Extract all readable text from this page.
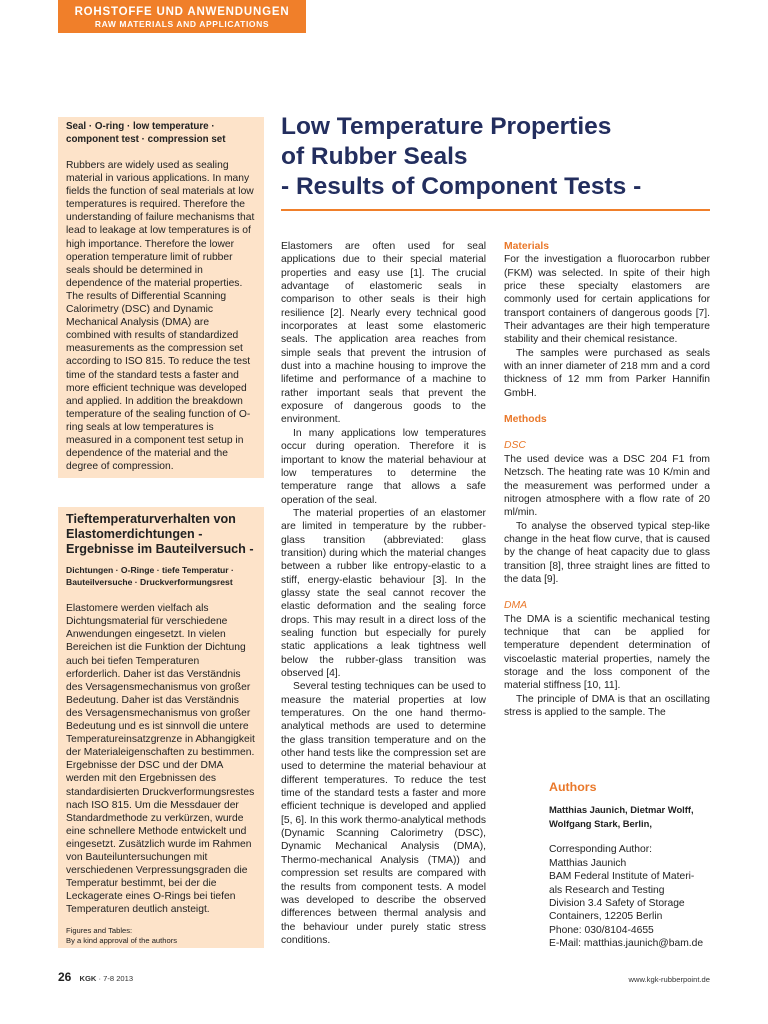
ROHSTOFFE UND ANWENDUNGEN
RAW MATERIALS AND APPLICATIONS
Seal · O-ring · low temperature · component test · compression set
Rubbers are widely used as sealing material in various applications. In many fields the function of seal materials at low temperatures is required. Therefore the understanding of failure mechanisms that lead to leakage at low temperatures is of high importance. Therefore the lower operation temperature limit of rubber seals should be determined in dependence of the material properties. The results of Differential Scanning Calorimetry (DSC) and Dynamic Mechanical Analysis (DMA) are combined with results of standardized measurements as the compression set according to ISO 815. To reduce the test time of the standard tests a faster and more efficient technique was developed and applied. In addition the breakdown temperature of the sealing function of O-ring seals at low temperatures is measured in a component test setup in dependence of the material and the degree of compression.
Tieftemperaturverhalten von Elastomerdichtungen - Ergebnisse im Bauteilversuch -
Dichtungen · O-Ringe · tiefe Temperatur · Bauteilversuche · Druckverformungsrest
Elastomere werden vielfach als Dichtungsmaterial für verschiedene Anwendungen eingesetzt. In vielen Bereichen ist die Funktion der Dichtung auch bei tiefen Temperaturen erforderlich. Daher ist das Verständnis des Versagensmechanismus von großer Bedeutung. Daher ist das Verständnis des Versagensmechanismus von großer Bedeutung und es ist sinnvoll die untere Temperatureinsatzgrenze in Abhangigkeit der Materialeigenschaften zu bestimmen. Ergebnisse der DSC und der DMA werden mit den Ergebnissen des standardisierten Druckverformungsrestes nach ISO 815. Um die Messdauer der Standardmethode zu verkürzen, wurde eine schnellere Methode entwickelt und eingesetzt. Zusätzlich wurde im Rahmen von Bauteiluntersuchungen mit verschiedenen Verpressungsgraden die Temperatur bestimmt, bei der die Leckagerate eines O-Rings bei tiefen Temperaturen deutlich ansteigt.
Figures and Tables:
By a kind approval of the authors
Low Temperature Properties
of Rubber Seals
- Results of Component Tests -

Elastomers are often used for seal applications due to their special material properties and easy use [1]. The crucial advantage of elastomeric seals in comparison to other seals is their high resilience [2]. Nearly every technical good incorporates at least some elastomeric seals. The application area reaches from simple seals that prevent the intrusion of dust into a machine housing to improve the lifetime and performance of a machine to rather important seals that prevent the exposure of dangerous goods to the environment.

In many applications low temperatures occur during operation. Therefore it is important to know the material behaviour at low temperatures to determine the temperature range that allows a safe operation of the seal.

The material properties of an elastomer are limited in temperature by the rubber-glass transition (abbreviated: glass transition) during which the material changes between a rubber like entropy-elastic to a stiff, energy-elastic behaviour [3]. In the glassy state the seal cannot recover the elastic deformation and the sealing force drops. This may result in a direct loss of the sealing function but especially for purely static applications a leak tightness well below the rubber-glass transition was observed [4].

Several testing techniques can be used to measure the material properties at low temperatures. On the one hand thermo-analytical methods are used to determine the glass transition temperature and on the other hand tests like the compression set are used to determine the material behaviour at different temperatures. To reduce the test time of the standard tests a faster and more efficient technique is developed and applied [5, 6]. In this work thermo-analytical methods (Dynamic Scanning Calorimetry (DSC), Dynamic Mechanical Analysis (DMA), Thermo-mechanical Analysis (TMA)) and compression set results are compared with the results from component tests. A model was developed to describe the observed differences between thermal analysis and the behaviour under purely static stress conditions.

Materials

For the investigation a fluorocarbon rubber (FKM) was selected. In spite of their high price these specialty elastomers are commonly used for certain applications for transport containers of dangerous goods [7]. Their advantages are their high temperature stability and their chemical resistance.

The samples were purchased as seals with an inner diameter of 218 mm and a cord thickness of 12 mm from Parker Hannifin GmbH.

Methods
DSC

The used device was a DSC 204 F1 from Netzsch. The heating rate was 10 K/min and the measurement was performed under a nitrogen atmosphere with a flow rate of 20 ml/min.

To analyse the observed typical step-like change in the heat flow curve, that is caused by the change of heat capacity due to glass transition [8], three straight lines are fitted to the data [9].

DMA

The DMA is a scientific mechanical testing technique that can be applied for temperature dependent determination of viscoelastic material properties, namely the storage and the loss component of the material stiffness [10, 11].

The principle of DMA is that an oscillating stress is applied to the sample. The

Authors
Matthias Jaunich, Dietmar Wolff,
Wolfgang Stark, Berlin,
Corresponding Author:
Matthias Jaunich
BAM Federal Institute of Materi-
als Research and Testing
Division 3.4 Safety of Storage
Containers, 12205 Berlin
Phone: 030/8104-4655
E-Mail: matthias.jaunich@bam.de
26 KGK · 7-8 2013	www.kgk-rubberpoint.de
